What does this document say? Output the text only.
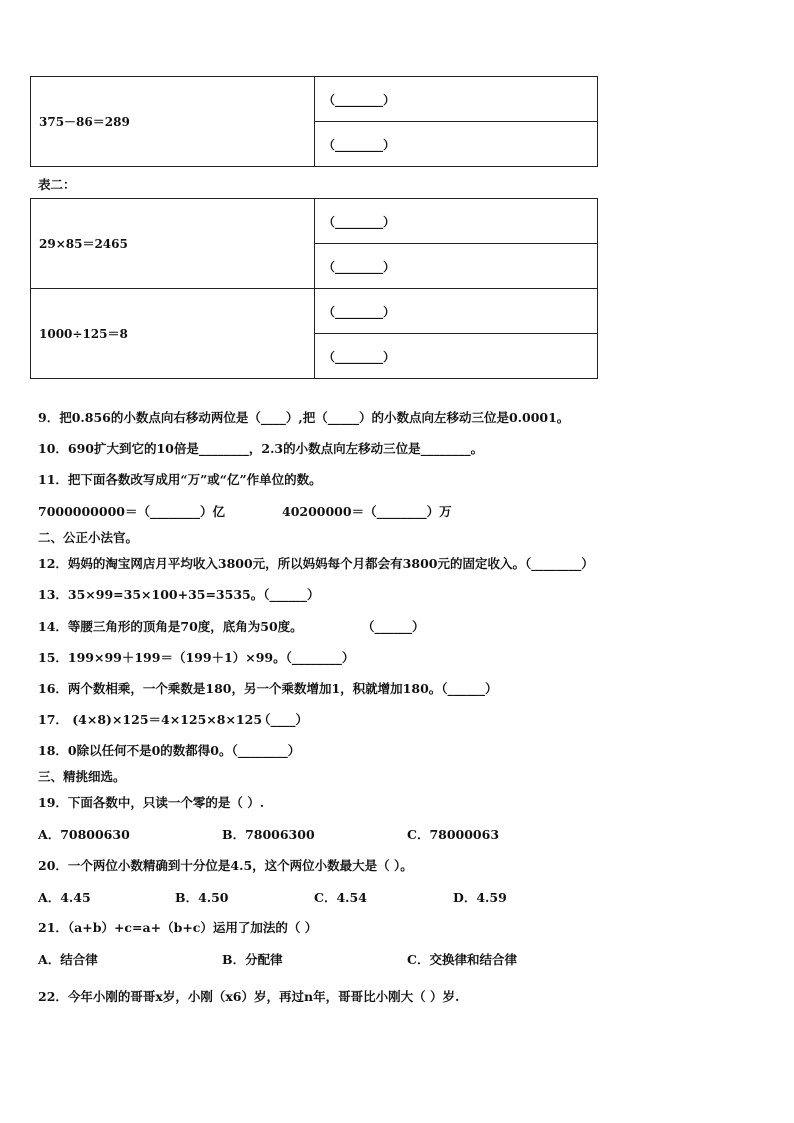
375－86＝289	（________）
（________）
表二：
29×85＝2465	（________）
	（________）
1000÷125＝8	（________）
	（________）
9．把0.856的小数点向右移动两位是（____）,把（_____）的小数点向左移动三位是0.0001。
10．690扩大到它的10倍是________，2.3的小数点向左移动三位是________。
11．把下面各数改写成用“万”或“亿”作单位的数。
7000000000＝（________）亿	40200000＝（________）万
二、公正小法官。
12．妈妈的淘宝网店月平均收入3800元，所以妈妈每个月都会有3800元的固定收入。（________）
13．35×99=35×100+35=3535。（______）
14．等腰三角形的顶角是70度，底角为50度。	（______）
15．199×99＋199＝（199＋1）×99。（________）
16．两个数相乘，一个乘数是180，另一个乘数增加1，积就增加180。（______）
17． (4×8)×125＝4×125×8×125
（____）
18．0除以任何不是0的数都得0。（________）
三、精挑细选。
19．下面各数中，只读一个零的是（ ）.
A．70800630	B．78006300	C．78000063
20．一个两位小数精确到十分位是4.5，这个两位小数最大是（ ）。
A．4.45	B．4.50	C．4.54	D．4.59
21．（a+b）+c=a+（b+c）运用了加法的（ ）
A．结合律	B．分配律	C．交换律和结合律
22．今年小刚的哥哥x岁，小刚（x6）岁，再过n年，哥哥比小刚大（ ）岁.
